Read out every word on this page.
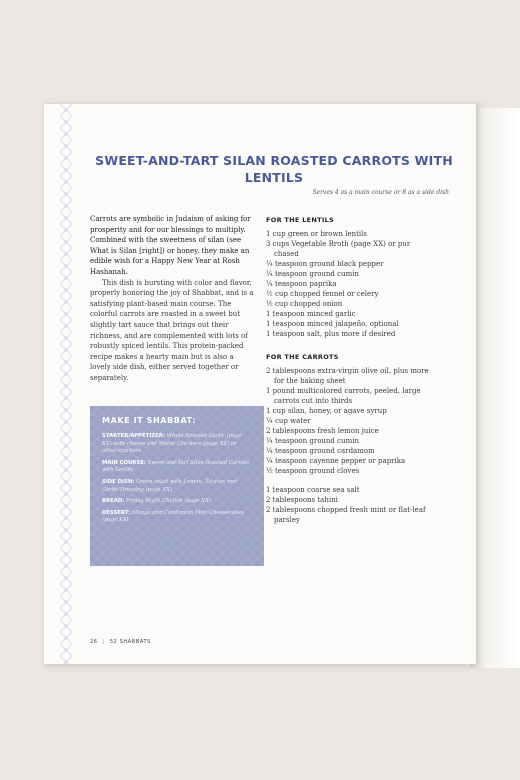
SWEET-AND-TART SILAN ROASTED CARROTS WITH LENTILS
Serves 4 as a main course or 8 as a side dish

Carrots are symbolic in Judaism of asking for prosperity and for our blessings to multiply. Combined with the sweetness of silan (see What is Silan [right]) or honey, they make an edible wish for a Happy New Year at Rosh Hashanah.

This dish is bursting with color and flavor, properly honoring the joy of Shabbat, and is a satisfying plant-based main course. The colorful carrots are roasted in a sweet but slightly tart sauce that brings out their richness, and are complemented with lots of robustly spiced lentils. This protein-packed recipe makes a hearty main but is also a lovely side dish, either served together or separately.

MAKE IT SHABBAT:
STARTER/APPETIZER: Whole Roasted Garlic (page XX) with cheese and Matzo Crackers (page XX) or other crackers
MAIN COURSE: Sweet-and-Tart Silan Roasted Carrots with Lentils
SIDE DISH: Green salad with Lemon, Za'atar, and Garlic Dressing (page XX)
BREAD: Friday Night Challah (page XX)
DESSERT: Mango and Cardamom Mini Cheesecakes (page XX)
FOR THE LENTILS
1 cup green or brown lentils
3 cups Vegetable Broth (page XX) or pur chased
¼ teaspoon ground black pepper
¼ teaspoon ground cumin
¼ teaspoon paprika
½ cup chopped fennel or celery
½ cup chopped onion
1 teaspoon minced garlic
1 teaspoon minced jalapeño, optional
1 teaspoon salt, plus more if desired
FOR THE CARROTS
2 tablespoons extra-virgin olive oil, plus more for the baking sheet
1 pound multicolored carrots, peeled, large carrots cut into thirds
1 cup silan, honey, or agave syrup
¼ cup water
2 tablespoons fresh lemon juice
¼ teaspoon ground cumin
¼ teaspoon ground cardamom
¼ teaspoon cayenne pepper or paprika
½ teaspoon ground cloves
1 teaspoon coarse sea salt
2 tablespoons tahini
2 tablespoons chopped fresh mint or flat-leaf parsley
26 | 52 SHABBATS
